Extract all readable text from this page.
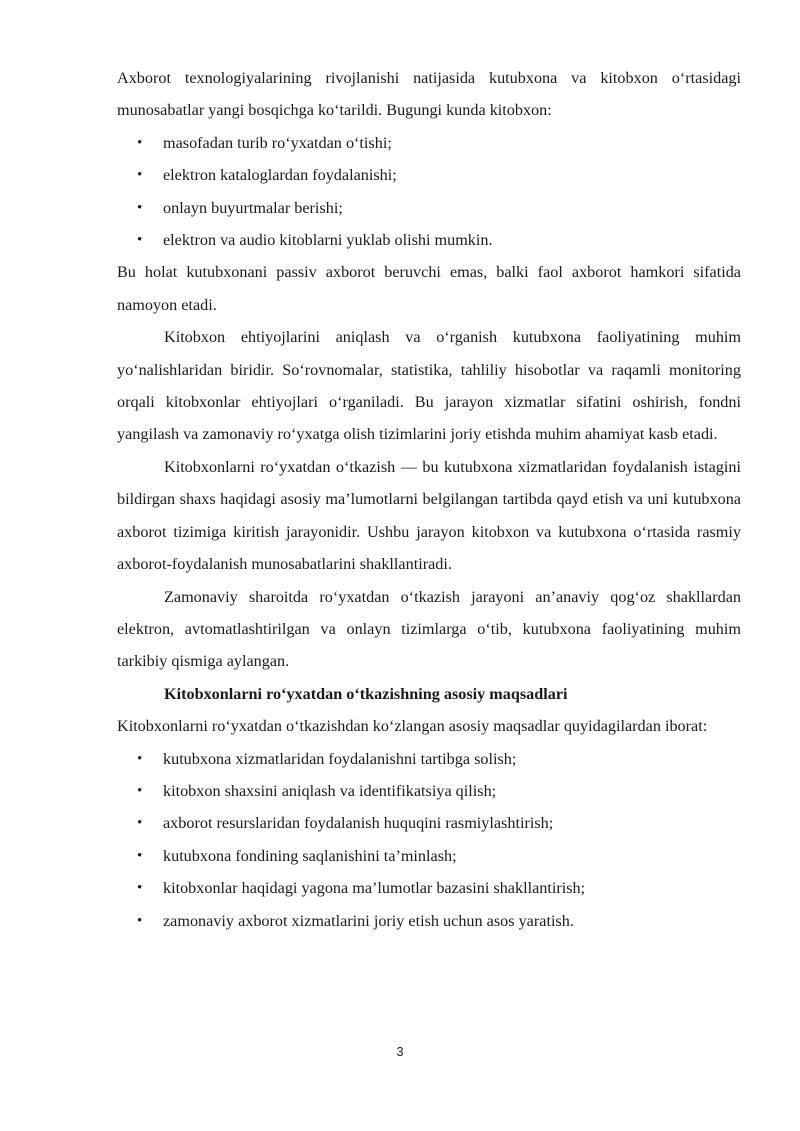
Axborot texnologiyalarining rivojlanishi natijasida kutubxona va kitobxon o‘rtasidagi munosabatlar yangi bosqichga ko‘tarildi. Bugungi kunda kitobxon:

• masofadan turib ro‘yxatdan o‘tishi;
• elektron kataloglardan foydalanishi;
• onlayn buyurtmalar berishi;
• elektron va audio kitoblarni yuklab olishi mumkin.

Bu holat kutubxonani passiv axborot beruvchi emas, balki faol axborot hamkori sifatida namoyon etadi.

Kitobxon ehtiyojlarini aniqlash va o‘rganish kutubxona faoliyatining muhim yo‘nalishlaridan biridir. So‘rovnomalar, statistika, tahliliy hisobotlar va raqamli monitoring orqali kitobxonlar ehtiyojlari o‘rganiladi. Bu jarayon xizmatlar sifatini oshirish, fondni yangilash va zamonaviy ro‘yxatga olish tizimlarini joriy etishda muhim ahamiyat kasb etadi.

Kitobxonlarni ro‘yxatdan o‘tkazish — bu kutubxona xizmatlaridan foydalanish istagini bildirgan shaxs haqidagi asosiy ma’lumotlarni belgilangan tartibda qayd etish va uni kutubxona axborot tizimiga kiritish jarayonidir. Ushbu jarayon kitobxon va kutubxona o‘rtasida rasmiy axborot-foydalanish munosabatlarini shakllantiradi.

Zamonaviy sharoitda ro‘yxatdan o‘tkazish jarayoni an’anaviy qog‘oz shakllardan elektron, avtomatlashtirilgan va onlayn tizimlarga o‘tib, kutubxona faoliyatining muhim tarkibiy qismiga aylangan.

Kitobxonlarni ro‘yxatdan o‘tkazishning asosiy maqsadlari

Kitobxonlarni ro‘yxatdan o‘tkazishdan ko‘zlangan asosiy maqsadlar quyidagilardan iborat:

• kutubxona xizmatlaridan foydalanishni tartibga solish;
• kitobxon shaxsini aniqlash va identifikatsiya qilish;
• axborot resurslaridan foydalanish huquqini rasmiylashtirish;
• kutubxona fondining saqlanishini ta’minlash;
• kitobxonlar haqidagi yagona ma’lumotlar bazasini shakllantirish;
• zamonaviy axborot xizmatlarini joriy etish uchun asos yaratish.
3
